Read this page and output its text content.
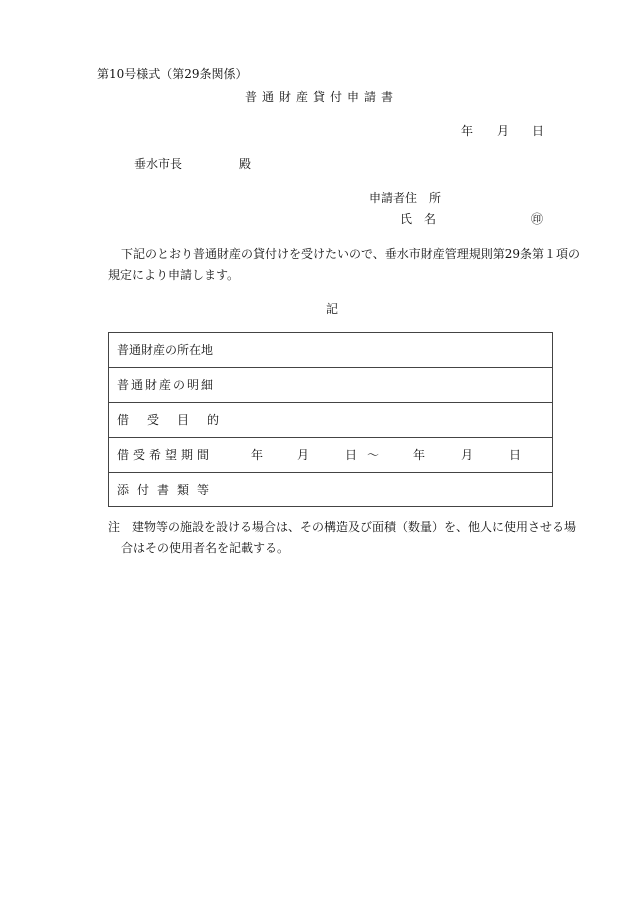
第10号様式（第29条関係）
普通財産貸付申請書
年 月 日
垂水市長	殿
申請者住　所
氏　名	㊞
下記のとおり普通財産の貸付けを受けたいので、垂水市財産管理規則第29条第１項の
規定により申請します。
記
普通財産の所在地
普通財産の明細
借受目的
借受希望期間	年	月	日 ～	年	月	日
添付書類等
注　建物等の施設を設ける場合は、その構造及び面積（数量）を、他人に使用させる場
合はその使用者名を記載する。
